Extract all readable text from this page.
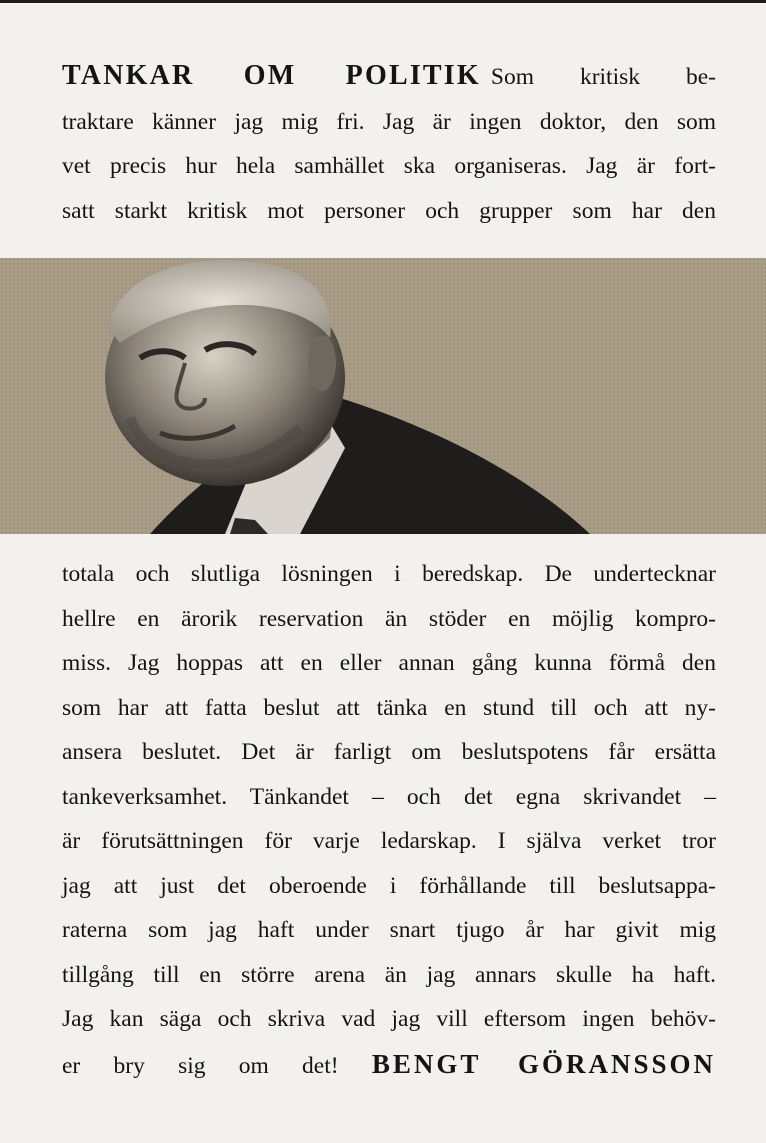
TANKAR OM POLITIK Som kritisk be-
traktare känner jag mig fri. Jag är ingen doktor, den som
vet precis hur hela samhället ska organiseras. Jag är fort-
satt starkt kritisk mot personer och grupper som har den
totala och slutliga lösningen i beredskap. De undertecknar
hellre en ärorik reservation än stöder en möjlig kompro-
miss. Jag hoppas att en eller annan gång kunna förmå den
som har att fatta beslut att tänka en stund till och att ny-
ansera beslutet. Det är farligt om beslutspotens får ersätta
tankeverksamhet. Tänkandet – och det egna skrivandet –
är förutsättningen för varje ledarskap. I själva verket tror
jag att just det oberoende i förhållande till beslutsappa-
raterna som jag haft under snart tjugo år har givit mig
tillgång till en större arena än jag annars skulle ha haft.
Jag kan säga och skriva vad jag vill eftersom ingen behöv-
er bry sig om det! BENGT GÖRANSSON
